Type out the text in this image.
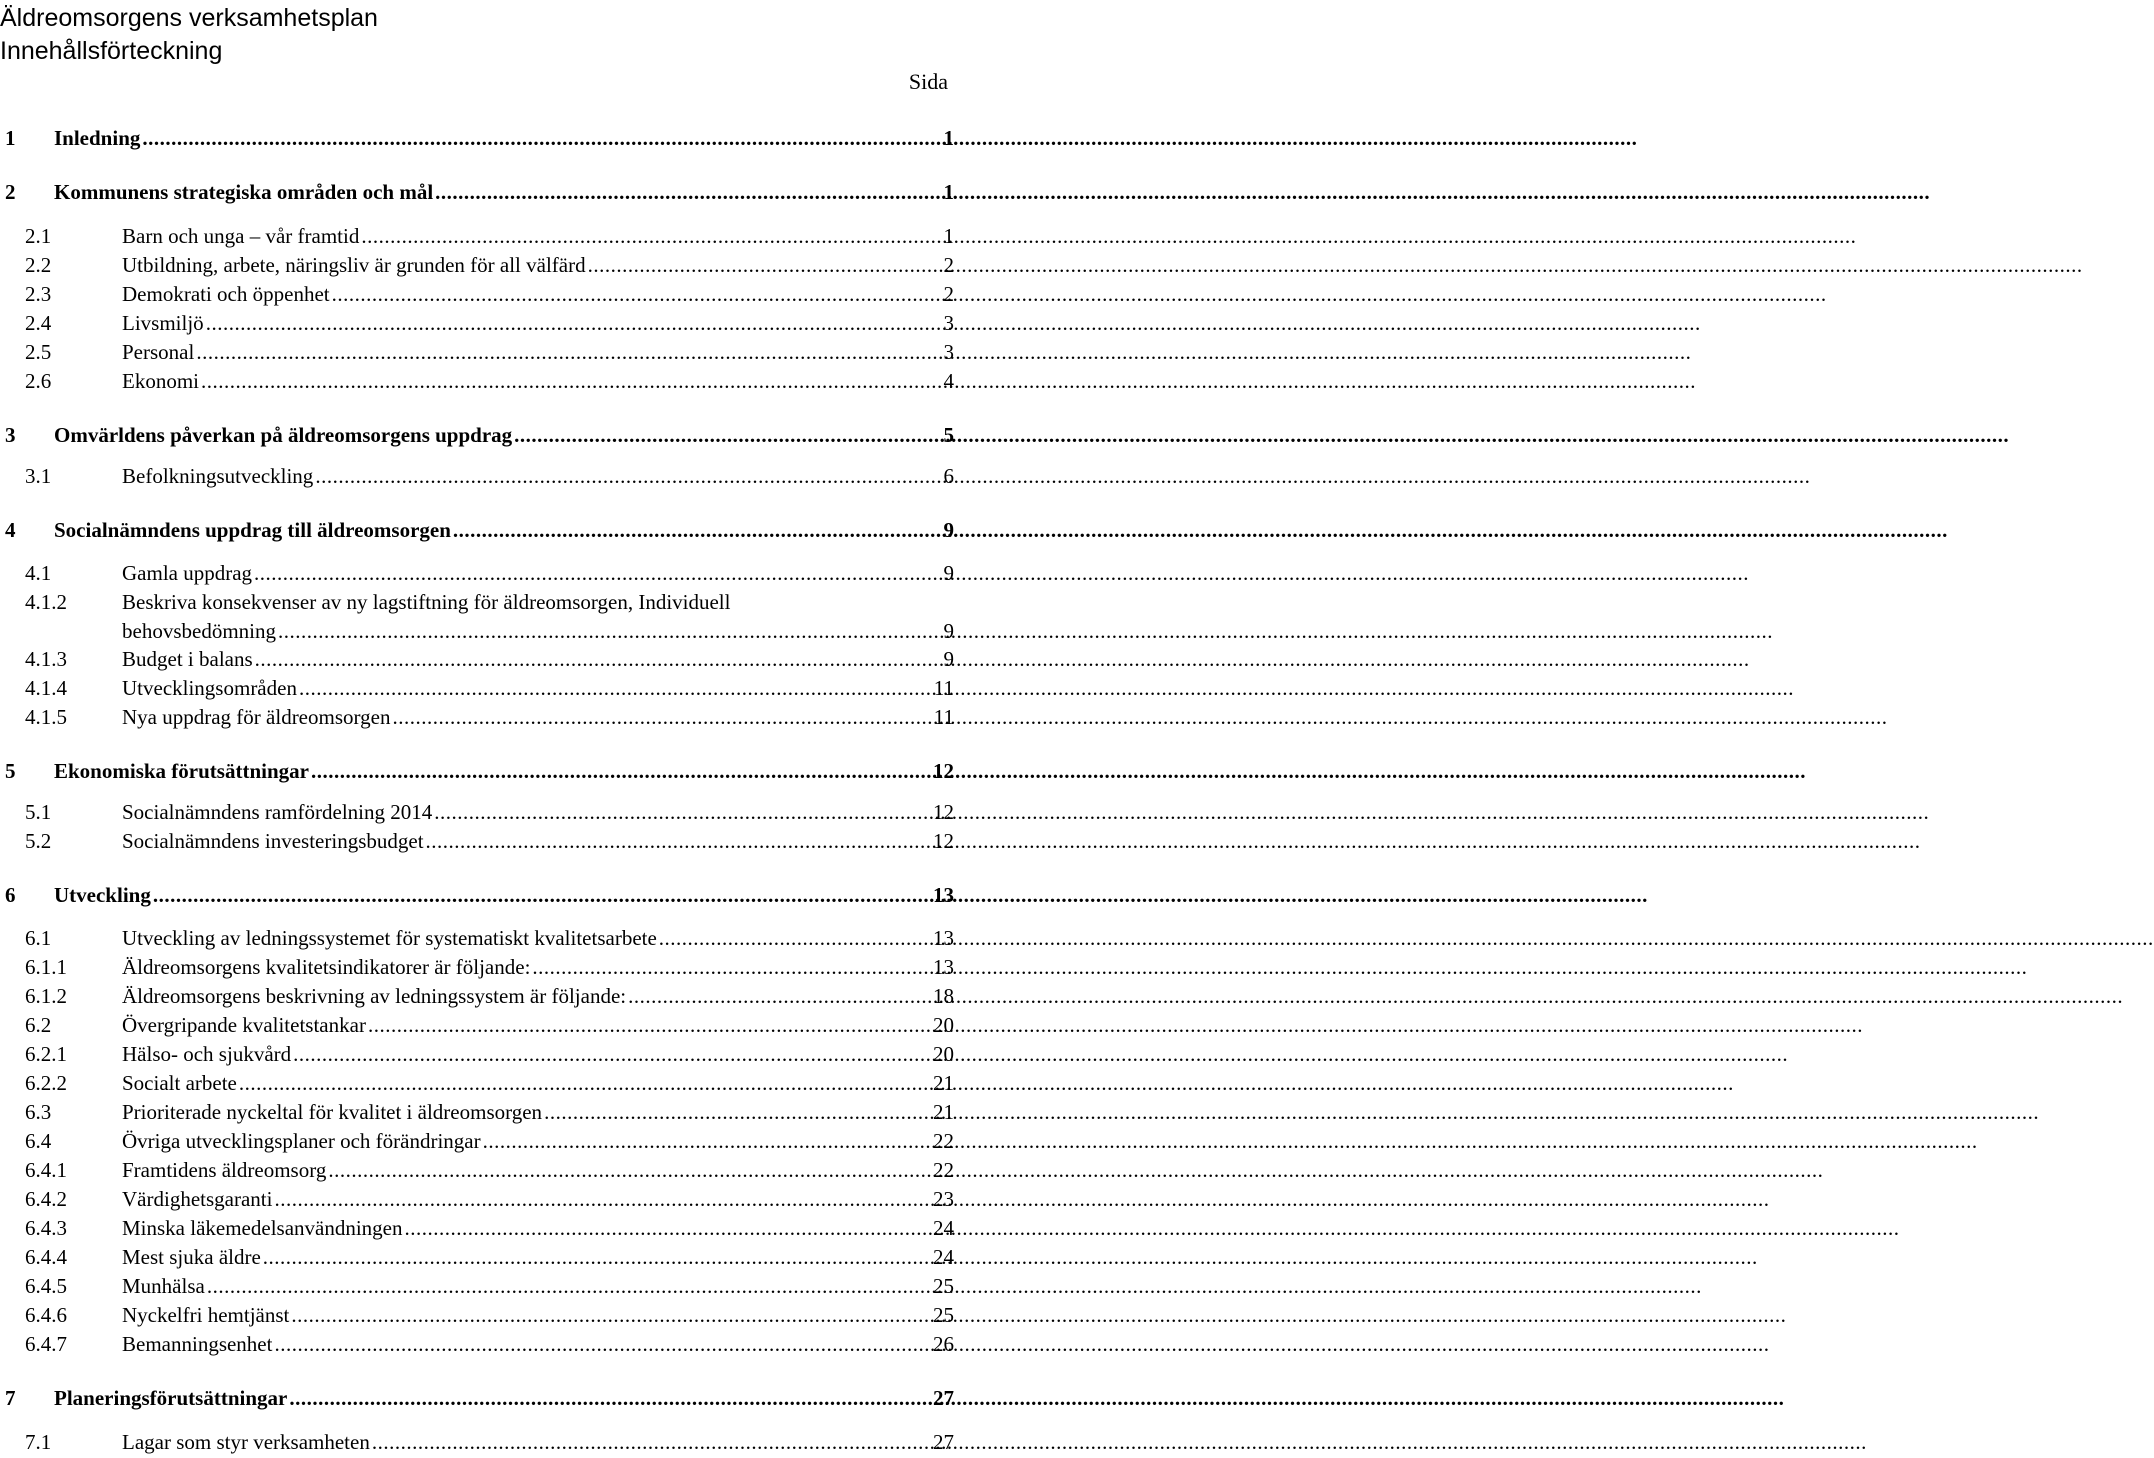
Äldreomsorgens verksamhetsplan
Innehållsförteckning
Sida
1	Inledning .....	1
2	Kommunens strategiska områden och mål .....	1
2.1	Barn och unga – vår framtid .....	1
2.2	Utbildning, arbete, näringsliv är grunden för all välfärd .....	2
2.3	Demokrati och öppenhet .....	2
2.4	Livsmiljö .....	3
2.5	Personal .....	3
2.6	Ekonomi .....	4
3	Omvärldens påverkan på äldreomsorgens uppdrag .....	5
3.1	Befolkningsutveckling .....	6
4	Socialnämndens uppdrag till äldreomsorgen .....	9
4.1	Gamla uppdrag .....	9
4.1.2	Beskriva konsekvenser av ny lagstiftning för äldreomsorgen, Individuell
behovsbedömning .....	9
4.1.3	Budget i balans .....	9
4.1.4	Utvecklingsområden .....	11
4.1.5	Nya uppdrag för äldreomsorgen .....	11
5	Ekonomiska förutsättningar .....	12
5.1	Socialnämndens ramfördelning 2014 .....	12
5.2	Socialnämndens investeringsbudget .....	12
6	Utveckling .....	13
6.1	Utveckling av ledningssystemet för systematiskt kvalitetsarbete .....	13
6.1.1	Äldreomsorgens kvalitetsindikatorer är följande: .....	13
6.1.2	Äldreomsorgens beskrivning av ledningssystem är följande: .....	18
6.2	Övergripande kvalitetstankar .....	20
6.2.1	Hälso- och sjukvård .....	20
6.2.2	Socialt arbete .....	21
6.3	Prioriterade nyckeltal för kvalitet i äldreomsorgen .....	21
6.4	Övriga utvecklingsplaner och förändringar .....	22
6.4.1	Framtidens äldreomsorg .....	22
6.4.2	Värdighetsgaranti .....	23
6.4.3	Minska läkemedelsanvändningen .....	24
6.4.4	Mest sjuka äldre .....	24
6.4.5	Munhälsa .....	25
6.4.6	Nyckelfri hemtjänst .....	25
6.4.7	Bemanningsenhet .....	26
7	Planeringsförutsättningar .....	27
7.1	Lagar som styr verksamheten .....	27
